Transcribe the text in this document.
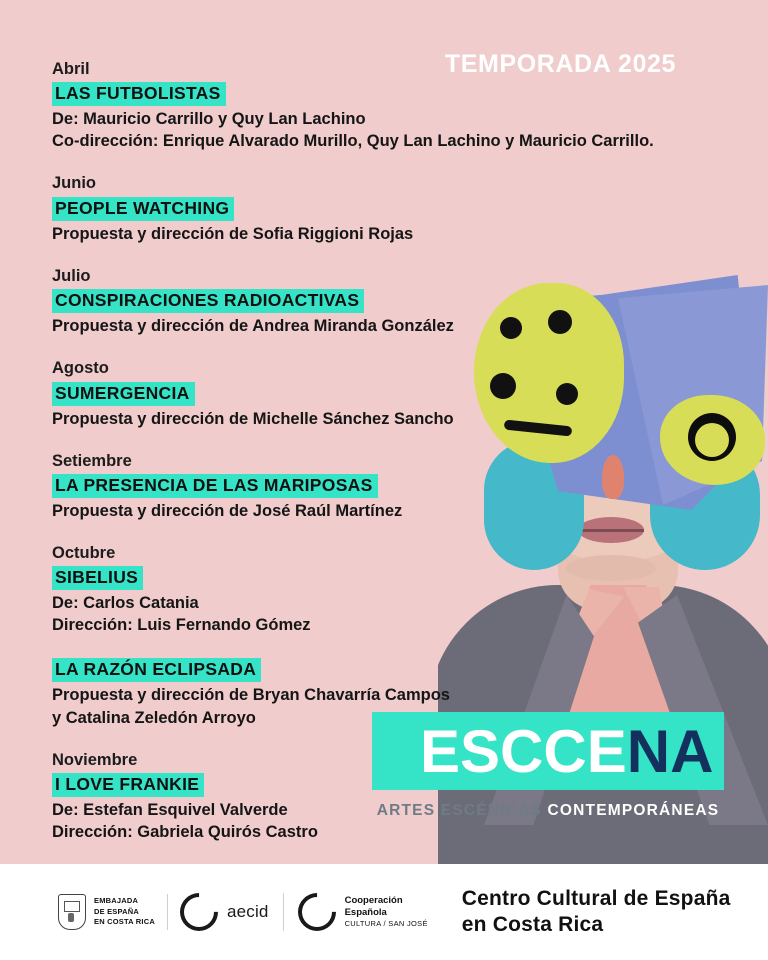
TEMPORADA 2025
Abril
LAS FUTBOLISTAS
De: Mauricio Carrillo y Quy Lan Lachino
Co-dirección: Enrique Alvarado Murillo, Quy Lan Lachino y Mauricio Carrillo.
Junio
PEOPLE WATCHING
Propuesta y dirección de Sofia Riggioni Rojas
Julio
CONSPIRACIONES RADIOACTIVAS
Propuesta y dirección de Andrea Miranda González
Agosto
SUMERGENCIA
Propuesta y dirección de Michelle Sánchez Sancho
Setiembre
LA PRESENCIA DE LAS MARIPOSAS
Propuesta y dirección de José Raúl Martínez
Octubre
SIBELIUS
De: Carlos Catania
Dirección: Luis Fernando Gómez
LA RAZÓN ECLIPSADA
Propuesta y dirección de Bryan Chavarría Campos
y Catalina Zeledón Arroyo
Noviembre
I LOVE FRANKIE
De: Estefan Esquivel Valverde
Dirección: Gabriela Quirós Castro
ESCCENA
ARTES ESCÉNICAS CONTEMPORÁNEAS
EMBAJADA
DE ESPAÑA
EN COSTA RICA
aecid
Cooperación
Española
CULTURA / SAN JOSÉ
Centro Cultural de España
en Costa Rica
